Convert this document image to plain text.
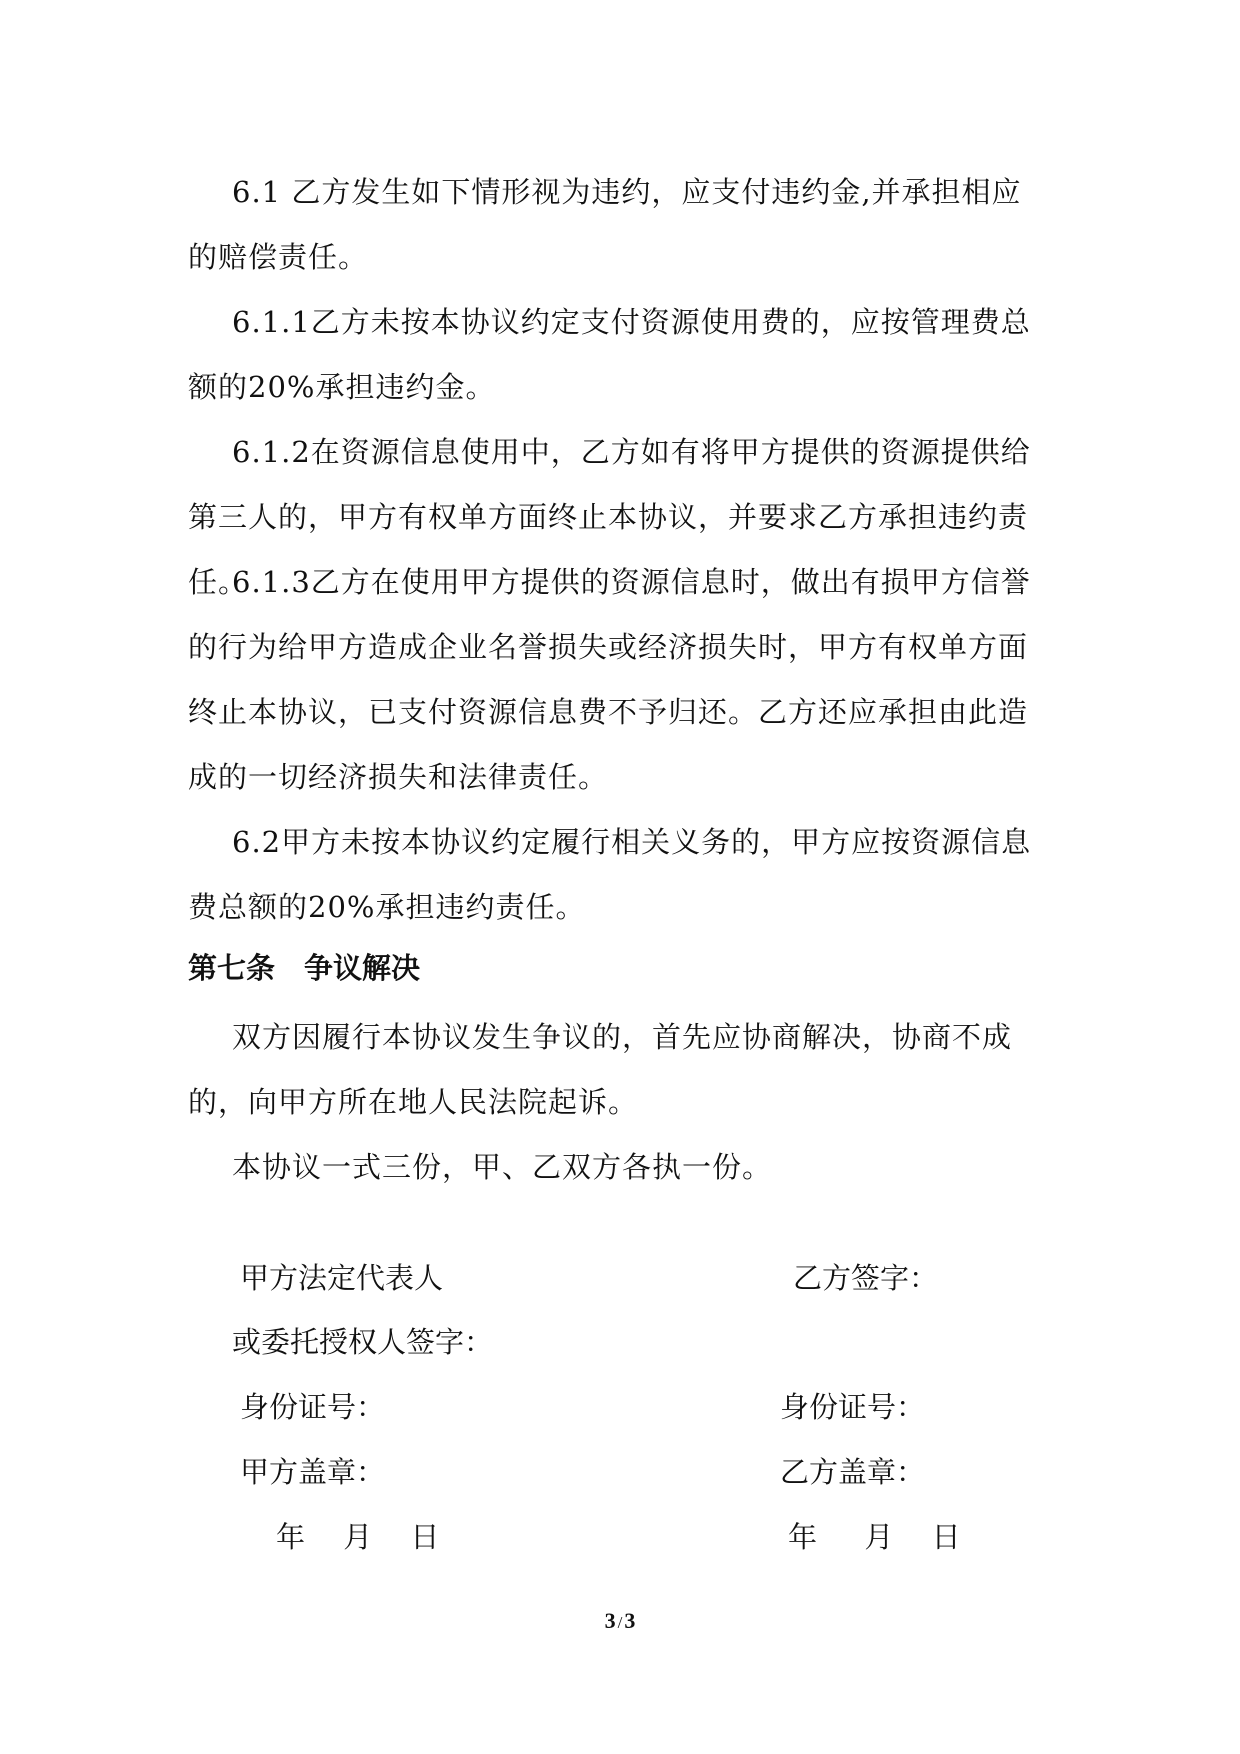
6.1 乙方发生如下情形视为违约，应支付违约金,并承担相应的赔偿责任。

6.1.1乙方未按本协议约定支付资源使用费的，应按管理费总额的20%承担违约金。

6.1.2在资源信息使用中，乙方如有将甲方提供的资源提供给第三人的，甲方有权单方面终止本协议，并要求乙方承担违约责任。

6.1.3乙方在使用甲方提供的资源信息时，做出有损甲方信誉的行为给甲方造成企业名誉损失或经济损失时，甲方有权单方面终止本协议，已支付资源信息费不予归还。乙方还应承担由此造成的一切经济损失和法律责任。

6.2甲方未按本协议约定履行相关义务的，甲方应按资源信息费总额的20%承担违约责任。

第七条　争议解决

双方因履行本协议发生争议的，首先应协商解决，协商不成的，向甲方所在地人民法院起诉。

本协议一式三份，甲、乙双方各执一份。

甲方法定代表人	乙方签字：

或委托授权人签字：

身份证号：	身份证号：

甲方盖章：	乙方盖章：

年　 月　 日	年　  月　 日

3 /3
